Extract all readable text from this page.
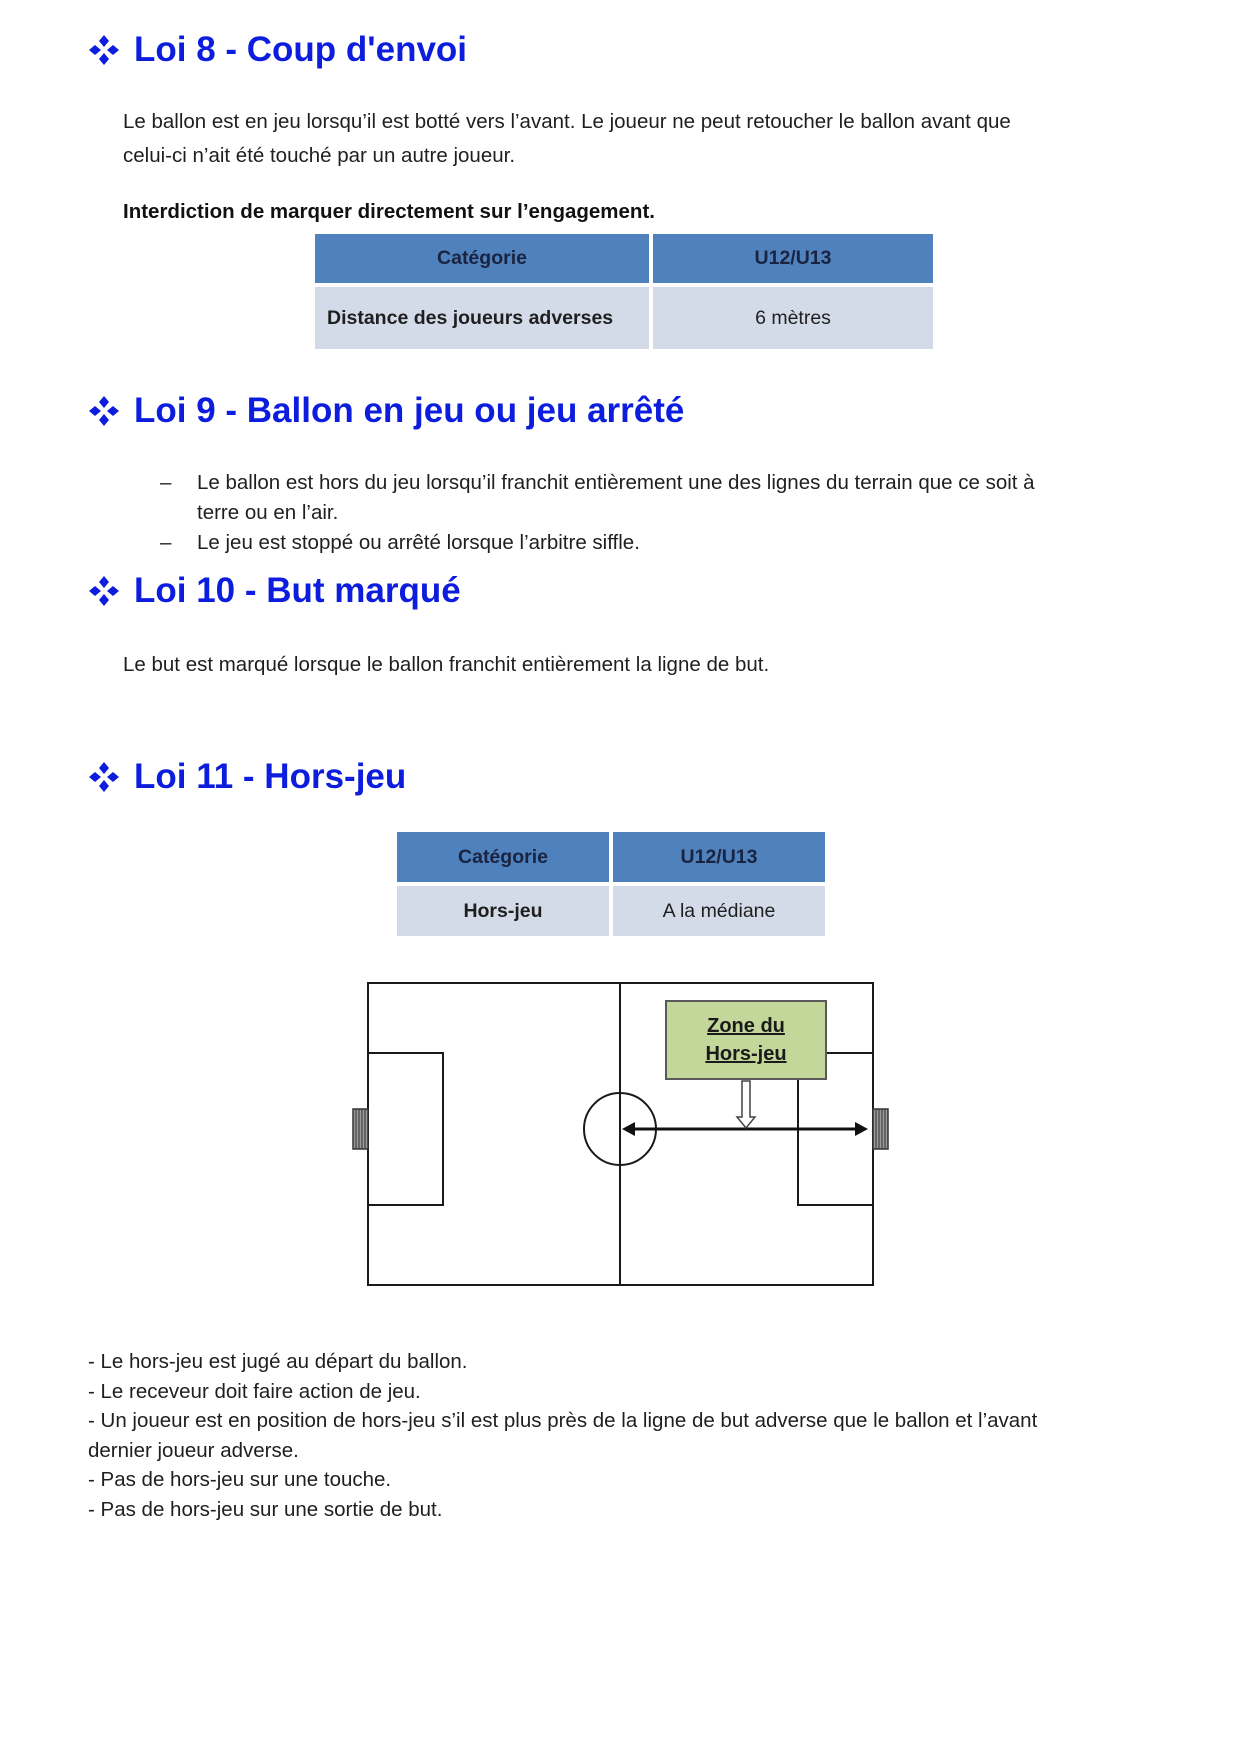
Loi 8 - Coup d'envoi

Le ballon est en jeu lorsqu’il est botté vers l’avant. Le joueur ne peut retoucher le ballon avant que
celui-ci n’ait été touché par un autre joueur.

Interdiction de marquer directement sur l’engagement.

Catégorie	U12/U13
Distance des joueurs adverses	6 mètres
Loi 9 - Ballon en jeu ou jeu arrêté
– Le ballon est hors du jeu lorsqu’il franchit entièrement une des lignes du terrain que ce soit à
terre ou en l’air.
– Le jeu est stoppé ou arrêté lorsque l’arbitre siffle.
Loi 10 - But marqué

Le but est marqué lorsque le ballon franchit entièrement la ligne de but.

Loi 11 - Hors-jeu
Catégorie	U12/U13
Hors-jeu	A la médiane
Zone du
Hors-jeu
- Le hors-jeu est jugé au départ du ballon.
- Le receveur doit faire action de jeu.
- Un joueur est en position de hors-jeu s’il est plus près de la ligne de but adverse que le ballon et l’avant
dernier joueur adverse.
- Pas de hors-jeu sur une touche.
- Pas de hors-jeu sur une sortie de but.
